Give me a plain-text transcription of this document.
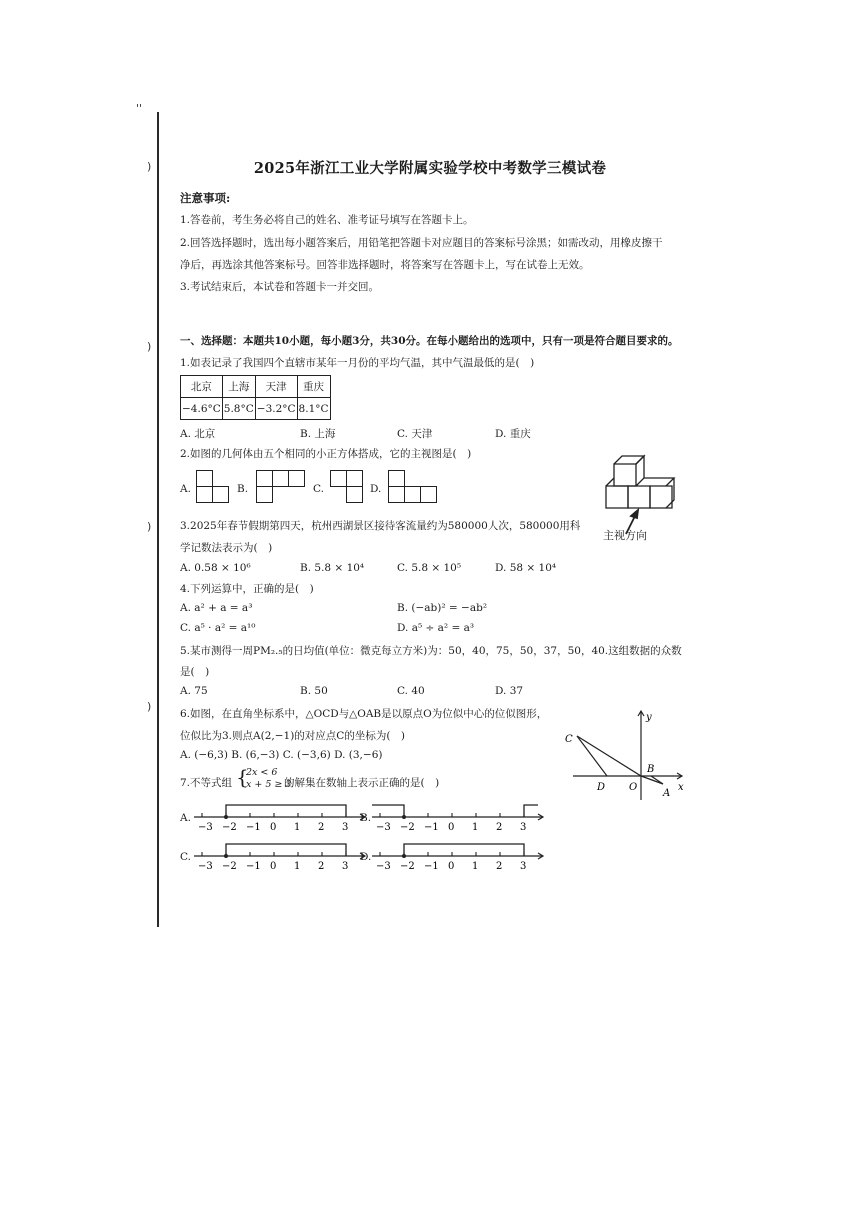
''
)
)
)
)
2025年浙江工业大学附属实验学校中考数学三模试卷
注意事项:
1.答卷前，考生务必将自己的姓名、准考证号填写在答题卡上。
2.回答选择题时，选出每小题答案后，用铅笔把答题卡对应题目的答案标号涂黑；如需改动，用橡皮擦干
净后，再选涂其他答案标号。回答非选择题时，将答案写在答题卡上，写在试卷上无效。
3.考试结束后，本试卷和答题卡一并交回。
一、选择题：本题共10小题，每小题3分，共30分。在每小题给出的选项中，只有一项是符合题目要求的。
1.如表记录了我国四个直辖市某年一月份的平均气温，其中气温最低的是(　)
北京	上海	天津	重庆
−4.6°C	5.8°C	−3.2°C	8.1°C
A. 北京	B. 上海	C. 天津	D. 重庆
2.如图的几何体由五个相同的小正方体搭成，它的主视图是(　)
A.	B.	C.	D.
主视方向
3.2025年春节假期第四天，杭州西湖景区接待客流量约为580000人次，580000用科
学记数法表示为(　)
A. 0.58 × 10⁶	B. 5.8 × 10⁴	C. 5.8 × 10⁵	D. 58 × 10⁴
4.下列运算中，正确的是(　)
A. a² + a = a³	B. (−ab)² = −ab²
C. a⁵ · a² = a¹⁰	D. a⁵ ÷ a² = a³
5.某市测得一周PM₂.₅的日均值(单位：微克每立方米)为：50，40，75，50，37，50，40.这组数据的众数
是(　)
A. 75	B. 50	C. 40	D. 37
6.如图，在直角坐标系中，△OCD与△OAB是以原点O为位似中心的位似图形，
位似比为3.则点A(2,−1)的对应点C的坐标为(　)
A. (−6,3) B. (6,−3) C. (−3,6) D. (3,−6)
y
x
C
D O
B
A
7.不等式组 {
2x < 6
x + 5 ≥ 3
的解集在数轴上表示正确的是(　)
A.
−3 −2 −1 0 1 2 3
B.
−3 −2 −1 0 1 2 3
C.
−3 −2 −1 0 1 2 3
D.
−3 −2 −1 0 1 2 3
